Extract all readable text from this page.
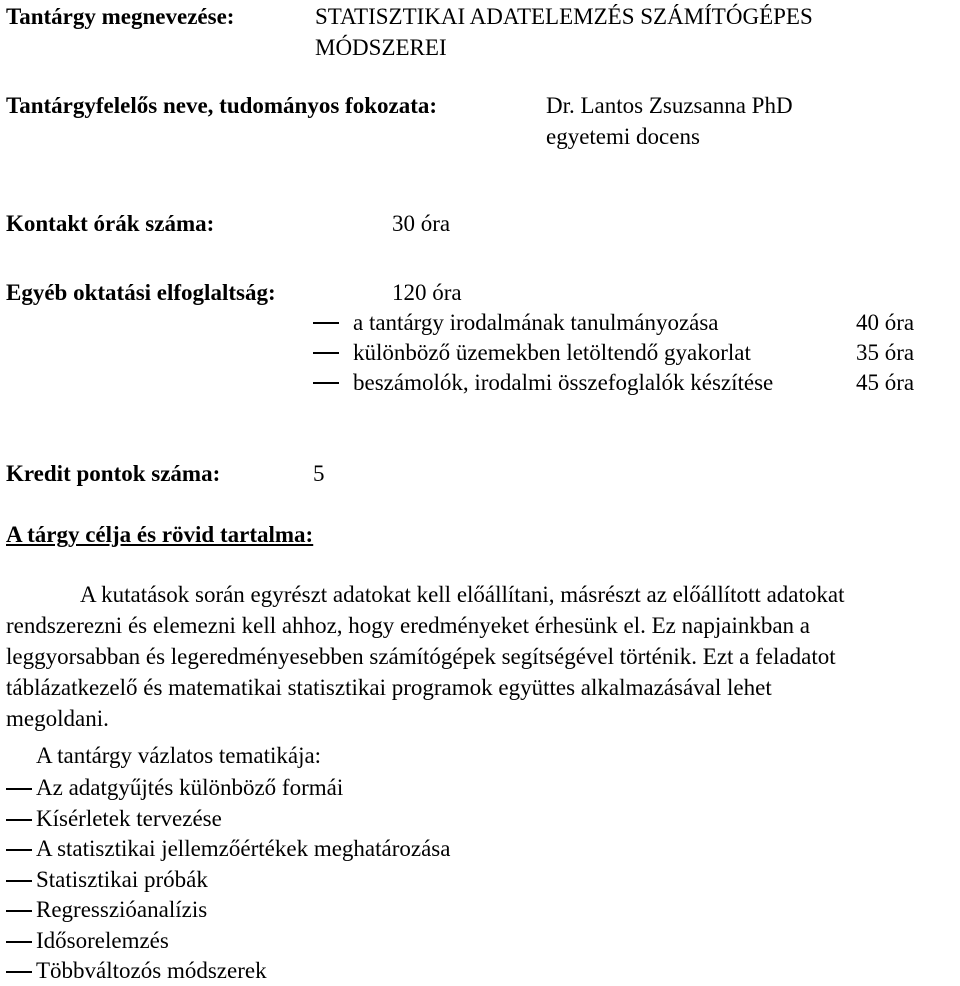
Tantárgy megnevezése:	STATISZTIKAI ADATELEMZÉS SZÁMÍTÓGÉPES
MÓDSZEREI
Tantárgyfelelős neve, tudományos fokozata:	Dr. Lantos Zsuzsanna PhD
egyetemi docens
Kontakt órák száma:	30 óra
Egyéb oktatási elfoglaltság:	120 óra
a tantárgy irodalmának tanulmányozása	40 óra
különböző üzemekben letöltendő gyakorlat	35 óra
beszámolók, irodalmi összefoglalók készítése	45 óra
Kredit pontok száma:	5
A tárgy célja és rövid tartalma:
A kutatások során egyrészt adatokat kell előállítani, másrészt az előállított adatokat
rendszerezni és elemezni kell ahhoz, hogy eredményeket érhesünk el. Ez napjainkban a
leggyorsabban és legeredményesebben számítógépek segítségével történik. Ezt a feladatot
táblázatkezelő és matematikai statisztikai programok együttes alkalmazásával lehet
megoldani.
A tantárgy vázlatos tematikája:
Az adatgyűjtés különböző formái
Kísérletek tervezése
A statisztikai jellemzőértékek meghatározása
Statisztikai próbák
Regresszióanalízis
Idősorelemzés
Többváltozós módszerek
